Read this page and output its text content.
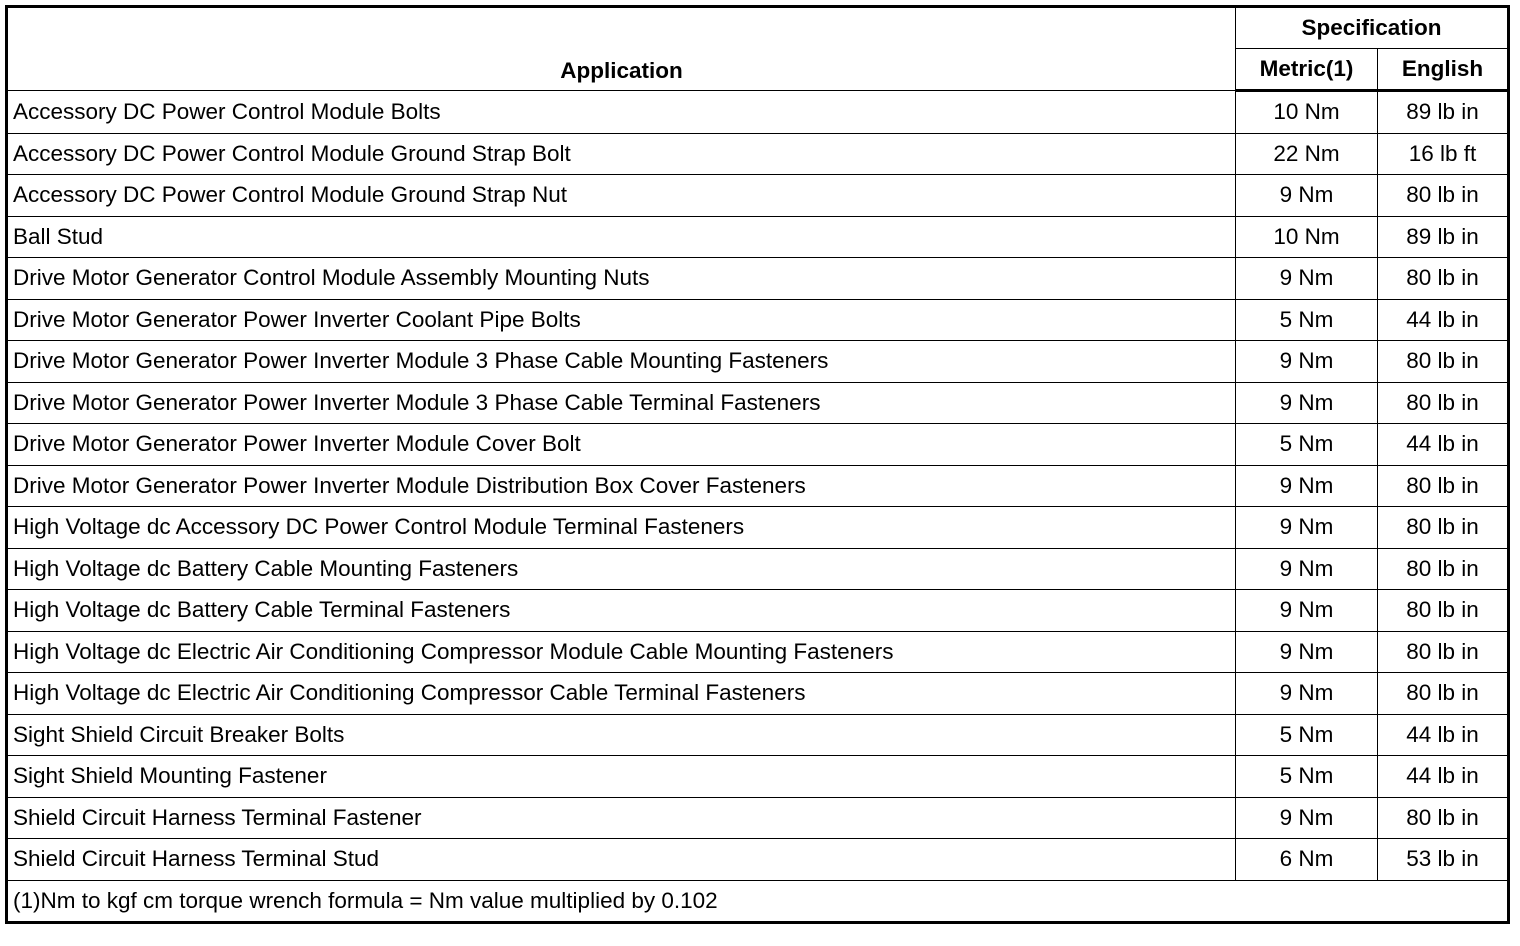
Application	Specification	
	Metric(1)	English
Accessory DC Power Control Module Bolts	10 Nm	89 lb in
Accessory DC Power Control Module Ground Strap Bolt	22 Nm	16 lb ft
Accessory DC Power Control Module Ground Strap Nut	9 Nm	80 lb in
Ball Stud	10 Nm	89 lb in
Drive Motor Generator Control Module Assembly Mounting Nuts	9 Nm	80 lb in
Drive Motor Generator Power Inverter Coolant Pipe Bolts	5 Nm	44 lb in
Drive Motor Generator Power Inverter Module 3 Phase Cable Mounting Fasteners	9 Nm	80 lb in
Drive Motor Generator Power Inverter Module 3 Phase Cable Terminal Fasteners	9 Nm	80 lb in
Drive Motor Generator Power Inverter Module Cover Bolt	5 Nm	44 lb in
Drive Motor Generator Power Inverter Module Distribution Box Cover Fasteners	9 Nm	80 lb in
High Voltage dc Accessory DC Power Control Module Terminal Fasteners	9 Nm	80 lb in
High Voltage dc Battery Cable Mounting Fasteners	9 Nm	80 lb in
High Voltage dc Battery Cable Terminal Fasteners	9 Nm	80 lb in
High Voltage dc Electric Air Conditioning Compressor Module Cable Mounting Fasteners	9 Nm	80 lb in
High Voltage dc Electric Air Conditioning Compressor Cable Terminal Fasteners	9 Nm	80 lb in
Sight Shield Circuit Breaker Bolts	5 Nm	44 lb in
Sight Shield Mounting Fastener	5 Nm	44 lb in
Shield Circuit Harness Terminal Fastener	9 Nm	80 lb in
Shield Circuit Harness Terminal Stud	6 Nm	53 lb in
(1)Nm to kgf cm torque wrench formula = Nm value multiplied by 0.102		
